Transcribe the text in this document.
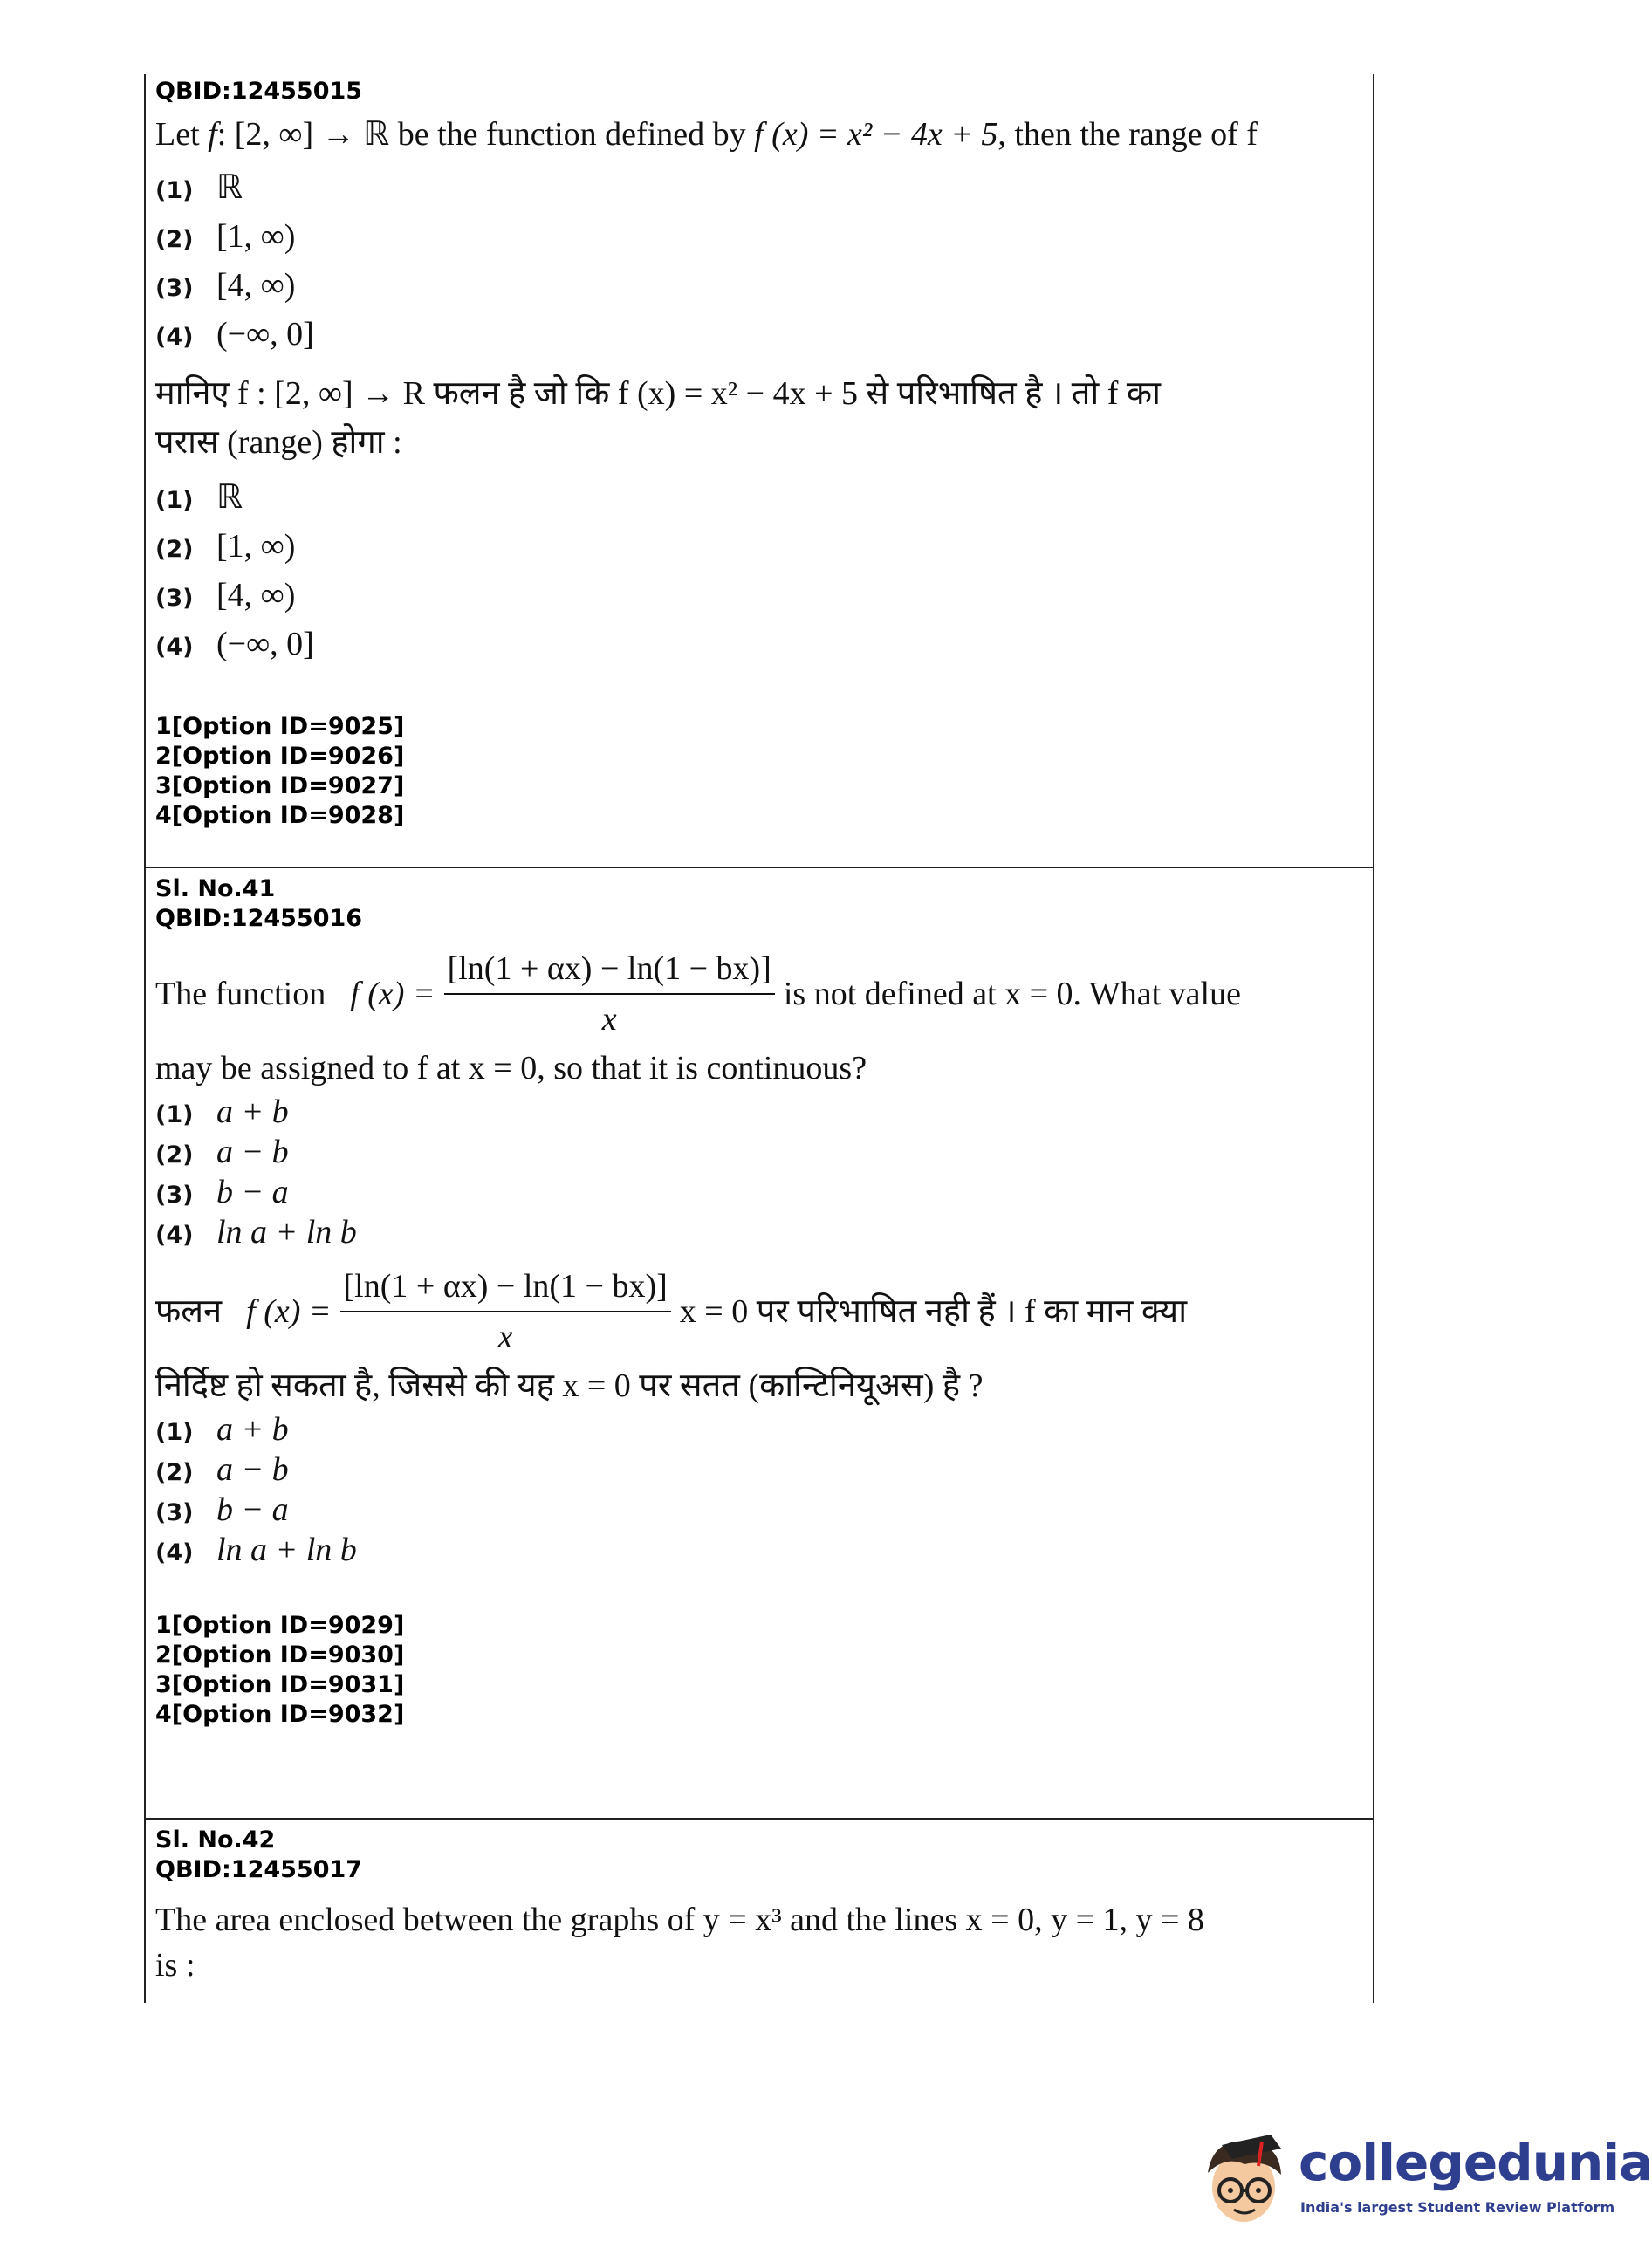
QBID:12455015

Let f: [2, ∞] → ℝ be the function defined by f (x) = x² − 4x + 5, then the range of f

(1) ℝ
(2) [1, ∞)
(3) [4, ∞)
(4) (−∞, 0]

मानिए f : [2, ∞] → R फलन है जो कि f (x) = x² − 4x + 5 से परिभाषित है । तो f का
परास (range) होगा :

(1) ℝ
(2) [1, ∞)
(3) [4, ∞)
(4) (−∞, 0]
1[Option ID=9025]
2[Option ID=9026]
3[Option ID=9027]
4[Option ID=9028]
Sl. No.41
QBID:12455016
The function f $(x) = \frac{[\ln(1 + \alpha x) - \ln(1 - bx)]}{x}$ is not defined at x = 0. What value

may be assigned to f at x = 0, so that it is continuous?

(1) a + b
(2) a − b
(3) b − a
(4) ln a + ln b
फलन f $(x) = \frac{[\ln(1 + \alpha x) - \ln(1 - bx)]}{x}$ x = 0 पर परिभाषित नही हैं । f का मान क्या

निर्दिष्ट हो सकता है, जिससे की यह x = 0 पर सतत (कान्टिनियूअस) है ?

(1) a + b
(2) a − b
(3) b − a
(4) ln a + ln b
1[Option ID=9029]
2[Option ID=9030]
3[Option ID=9031]
4[Option ID=9032]
Sl. No.42
QBID:12455017

The area enclosed between the graphs of y = x³ and the lines x = 0, y = 1, y = 8
is :

collegedunia
India's largest Student Review Platform
